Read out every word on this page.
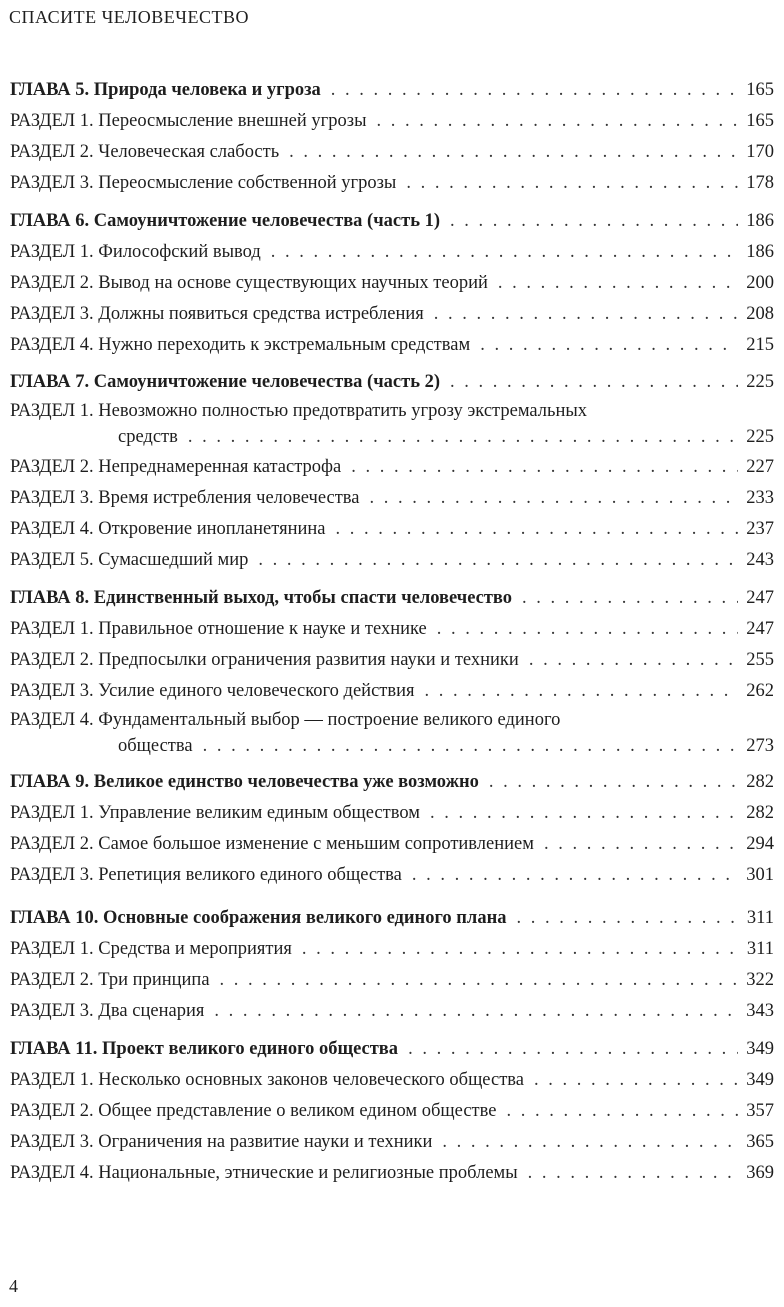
СПАСИТЕ ЧЕЛОВЕЧЕСТВО
ГЛАВА 5. Природа человека и угроза . . .	165
РАЗДЕЛ 1. Переосмысление внешней угрозы . . .	165
РАЗДЕЛ 2. Человеческая слабость . . .	170
РАЗДЕЛ 3. Переосмысление собственной угрозы . . .	178
ГЛАВА 6. Самоуничтожение человечества (часть 1) . . .	186
РАЗДЕЛ 1. Философский вывод . . .	186
РАЗДЕЛ 2. Вывод на основе существующих научных теорий . . .	200
РАЗДЕЛ 3. Должны появиться средства истребления . . .	208
РАЗДЕЛ 4. Нужно переходить к экстремальным средствам . . .	215
ГЛАВА 7. Самоуничтожение человечества (часть 2) . . .	225
РАЗДЕЛ 1. Невозможно полностью предотвратить угрозу экстремальных
средств . . .	225
РАЗДЕЛ 2. Непреднамеренная катастрофа . . .	227
РАЗДЕЛ 3. Время истребления человечества . . .	233
РАЗДЕЛ 4. Откровение инопланетянина . . .	237
РАЗДЕЛ 5. Сумасшедший мир . . .	243
ГЛАВА 8. Единственный выход, чтобы спасти человечество . . .	247
РАЗДЕЛ 1. Правильное отношение к науке и технике . . .	247
РАЗДЕЛ 2. Предпосылки ограничения развития науки и техники . . .	255
РАЗДЕЛ 3. Усилие единого человеческого действия . . .	262
РАЗДЕЛ 4. Фундаментальный выбор — построение великого единого
общества . . .	273
ГЛАВА 9. Великое единство человечества уже возможно . . .	282
РАЗДЕЛ 1. Управление великим единым обществом . . .	282
РАЗДЕЛ 2. Самое большое изменение с меньшим сопротивлением . . .	294
РАЗДЕЛ 3. Репетиция великого единого общества . . .	301
ГЛАВА 10. Основные соображения великого единого плана . . .	311
РАЗДЕЛ 1. Средства и мероприятия . . .	311
РАЗДЕЛ 2. Три принципа . . .	322
РАЗДЕЛ 3. Два сценария . . .	343
ГЛАВА 11. Проект великого единого общества . . .	349
РАЗДЕЛ 1. Несколько основных законов человеческого общества . . .	349
РАЗДЕЛ 2. Общее представление о великом едином обществе . . .	357
РАЗДЕЛ 3. Ограничения на развитие науки и техники . . .	365
РАЗДЕЛ 4. Национальные, этнические и религиозные проблемы . . .	369
4
